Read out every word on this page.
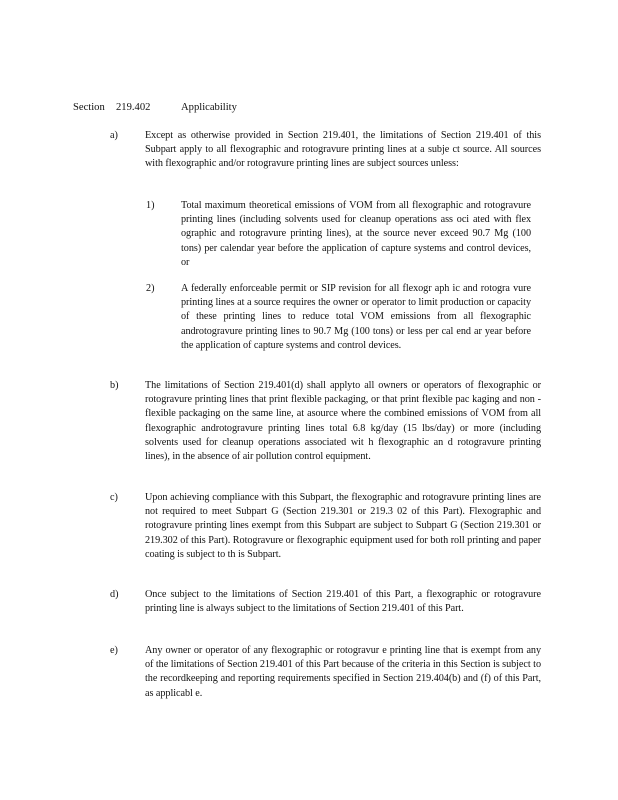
Section 219.402	Applicability
a)	Except as otherwise provided in Section 219.401, the limitations of Section 219.401 of this Subpart apply to all flexographic and rotogravure printing lines at a subje ct source. All sources with flexographic and/or rotogravure printing lines are subject sources unless:
1)	Total maximum theoretical emissions of VOM from all flexographic and rotogravure printing lines (including solvents used for cleanup operations ass oci ated with flex ographic and rotogravure printing lines), at the source never exceed 90.7 Mg (100 tons) per calendar year before the application of capture systems and control devices, or
2)	A federally enforceable permit or SIP revision for all flexogr aph ic and rotogra vure printing lines at a source requires the owner or operator to limit production or capacity of these printing lines to reduce total VOM emissions from all flexographic androtogravure printing lines to 90.7 Mg (100 tons) or less per cal end ar year before the application of capture systems and control devices.
b)	The limitations of Section 219.401(d) shall applyto all owners or operators of flexographic or rotogravure printing lines that print flexible packaging, or that print flexible pac kaging and non -flexible packaging on the same line, at asource where the combined emissions of VOM from all flexographic androtogravure printing lines total 6.8 kg/day (15 lbs/day) or more (including solvents used for cleanup operations associated wit h flexographic an d rotogravure printing lines), in the absence of air pollution control equipment.
c)	Upon achieving compliance with this Subpart, the flexographic and rotogravure printing lines are not required to meet Subpart G (Section 219.301 or 219.3 02 of this Part). Flexographic and rotogravure printing lines exempt from this Subpart are subject to Subpart G (Section 219.301 or 219.302 of this Part). Rotogravure or flexographic equipment used for both roll printing and paper coating is subject to th is Subpart.
d)	Once subject to the limitations of Section 219.401 of this Part, a flexographic or rotogravure printing line is always subject to the limitations of Section 219.401 of this Part.
e)	Any owner or operator of any flexographic or rotogravur e printing line that is exempt from any of the limitations of Section 219.401 of this Part because of the criteria in this Section is subject to the recordkeeping and reporting requirements specified in Section 219.404(b) and (f) of this Part, as applicabl e.
